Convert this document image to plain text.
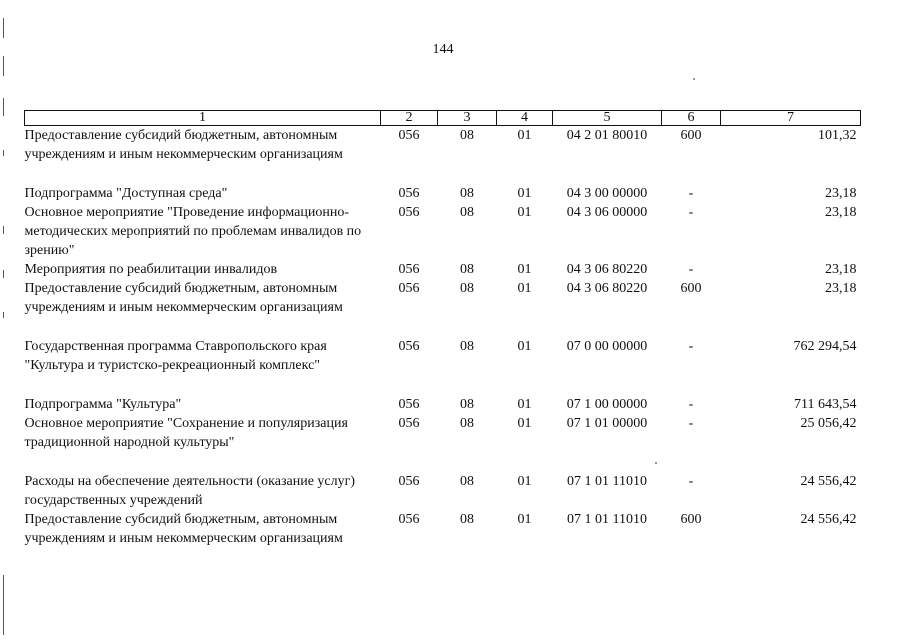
144
1	2	3	4	5	6	7
Предоставление субсидий бюджетным, автономным учреждениям и иным некоммерческим организациям	056	08	01	04 2 01 80010	600	101,32

Подпрограмма "Доступная среда"	056	08	01	04 3 00 00000	-	23,18
Основное мероприятие "Проведение информационно-методических мероприятий по проблемам инвалидов по зрению"	056	08	01	04 3 06 00000	-	23,18
Мероприятия по реабилитации инвалидов	056	08	01	04 3 06 80220	-	23,18
Предоставление субсидий бюджетным, автономным учреждениям и иным некоммерческим организациям	056	08	01	04 3 06 80220	600	23,18

Государственная программа Ставропольского края "Культура и туристско-рекреационный комплекс"	056	08	01	07 0 00 00000	-	762 294,54

Подпрограмма "Культура"	056	08	01	07 1 00 00000	-	711 643,54
Основное мероприятие "Сохранение и популяризация традиционной народной культуры"	056	08	01	07 1 01 00000	-	25 056,42

Расходы на обеспечение деятельности (оказание услуг) государственных учреждений	056	08	01	07 1 01 11010	-	24 556,42
Предоставление субсидий бюджетным, автономным учреждениям и иным некоммерческим организациям	056	08	01	07 1 01 11010	600	24 556,42
